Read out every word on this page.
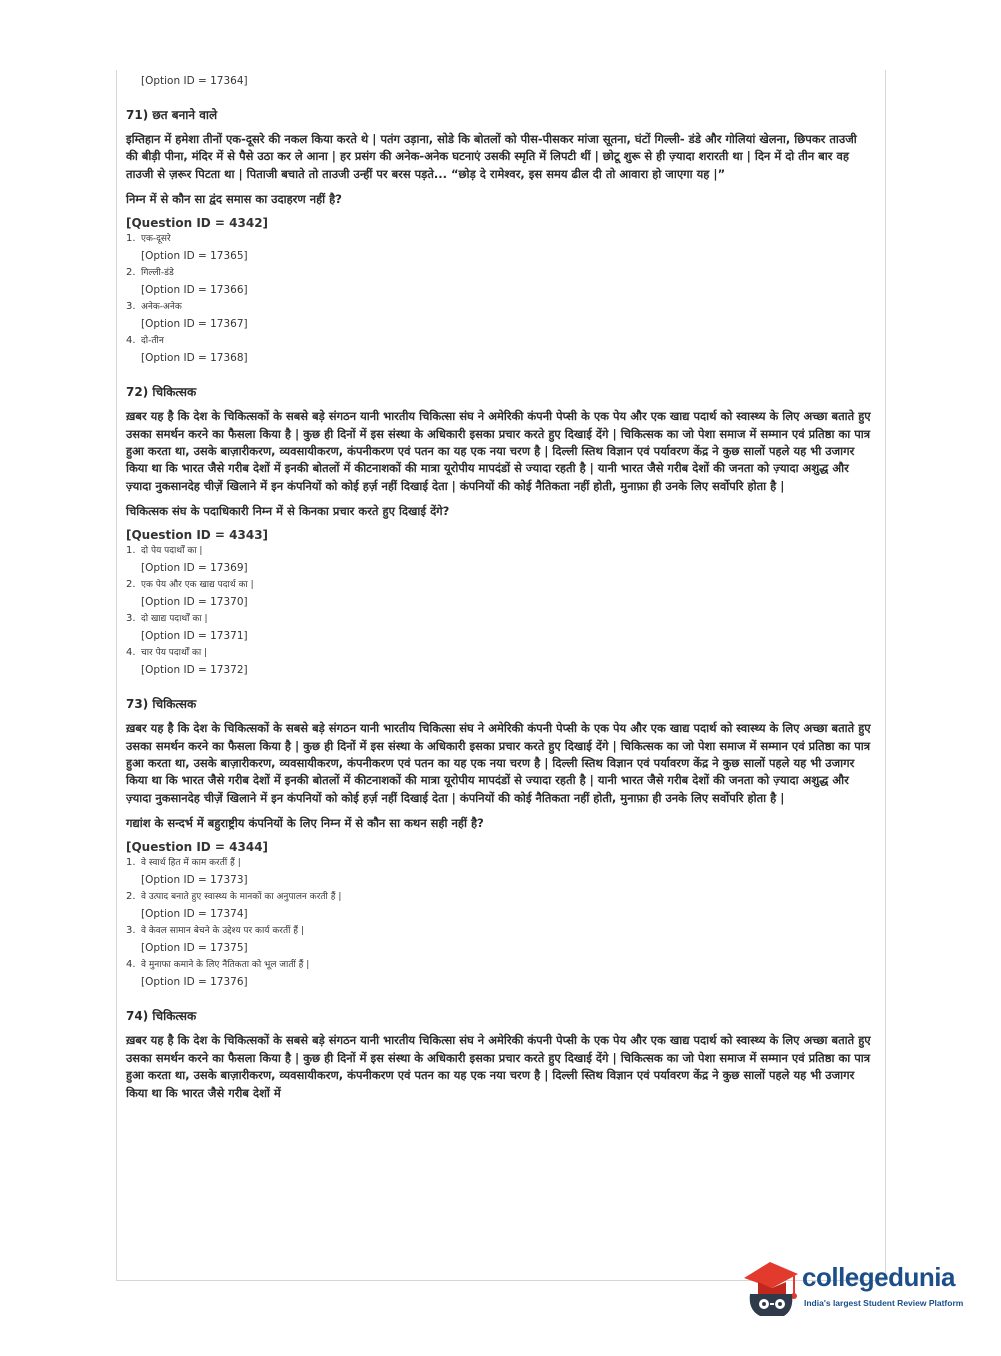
[Option ID = 17364]
71) छत बनाने वाले
इम्तिहान में हमेशा तीनों एक-दूसरे की नकल किया करते थे | पतंग उड़ाना, सोडे कि बोतलों को पीस-पीसकर मांजा सूतना, घंटों गिल्ली- डंडे और गोलियां खेलना, छिपकर ताउजी की बीड़ी पीना, मंदिर में से पैसे उठा कर ले आना | हर प्रसंग की अनेक-अनेक घटनाएं उसकी स्मृति में लिपटी थीं | छोटू शुरू से ही ज़्यादा शरारती था | दिन में दो तीन बार वह ताउजी से ज़रूर पिटता था | पिताजी बचाते तो ताउजी उन्हीं पर बरस पड़ते... “छोड़ दे रामेश्वर, इस समय ढील दी तो आवारा हो जाएगा यह |”
निम्न में से कौन सा द्वंद समास का उदाहरण नहीं है?
[Question ID = 4342]
1. एक-दूसरे
[Option ID = 17365]
2. गिल्ली-डंडे
[Option ID = 17366]
3. अनेक-अनेक
[Option ID = 17367]
4. दो-तीन
[Option ID = 17368]
72) चिकित्सक
ख़बर यह है कि देश के चिकित्सकों के सबसे बड़े संगठन यानी भारतीय चिकित्सा संघ ने अमेरिकी कंपनी पेप्सी के एक पेय और एक खाद्य पदार्थ को स्वास्थ्य के लिए अच्छा बताते हुए उसका समर्थन करने का फैसला किया है | कुछ ही दिनों में इस संस्था के अधिकारी इसका प्रचार करते हुए दिखाई देंगे | चिकित्सक का जो पेशा समाज में सम्मान एवं प्रतिष्ठा का पात्र हुआ करता था, उसके बाज़ारीकरण, व्यवसायीकरण, कंपनीकरण एवं पतन का यह एक नया चरण है | दिल्ली स्तिथ विज्ञान एवं पर्यावरण केंद्र ने कुछ सालों पहले यह भी उजागर किया था कि भारत जैसे गरीब देशों में इनकी बोतलों में कीटनाशकों की मात्रा यूरोपीय मापदंडों से ज्यादा रहती है | यानी भारत जैसे गरीब देशों की जनता को ज़्यादा अशुद्ध और ज़्यादा नुकसानदेह चीज़ें खिलाने में इन कंपनियों को कोई हर्ज़ नहीं दिखाई देता | कंपनियों की कोई नैतिकता नहीं होती, मुनाफ़ा ही उनके लिए सर्वोपरि होता है |
चिकित्सक संघ के पदाधिकारी निम्न में से किनका प्रचार करते हुए दिखाई देंगे?
[Question ID = 4343]
1. दो पेय पदार्थों का |
[Option ID = 17369]
2. एक पेय और एक खाद्य पदार्थ का |
[Option ID = 17370]
3. दो खाद्य पदार्थों का |
[Option ID = 17371]
4. चार पेय पदार्थों का |
[Option ID = 17372]
73) चिकित्सक
ख़बर यह है कि देश के चिकित्सकों के सबसे बड़े संगठन यानी भारतीय चिकित्सा संघ ने अमेरिकी कंपनी पेप्सी के एक पेय और एक खाद्य पदार्थ को स्वास्थ्य के लिए अच्छा बताते हुए उसका समर्थन करने का फैसला किया है | कुछ ही दिनों में इस संस्था के अधिकारी इसका प्रचार करते हुए दिखाई देंगे | चिकित्सक का जो पेशा समाज में सम्मान एवं प्रतिष्ठा का पात्र हुआ करता था, उसके बाज़ारीकरण, व्यवसायीकरण, कंपनीकरण एवं पतन का यह एक नया चरण है | दिल्ली स्तिथ विज्ञान एवं पर्यावरण केंद्र ने कुछ सालों पहले यह भी उजागर किया था कि भारत जैसे गरीब देशों में इनकी बोतलों में कीटनाशकों की मात्रा यूरोपीय मापदंडों से ज्यादा रहती है | यानी भारत जैसे गरीब देशों की जनता को ज़्यादा अशुद्ध और ज़्यादा नुकसानदेह चीज़ें खिलाने में इन कंपनियों को कोई हर्ज़ नहीं दिखाई देता | कंपनियों की कोई नैतिकता नहीं होती, मुनाफ़ा ही उनके लिए सर्वोपरि होता है |
गद्यांश के सन्दर्भ में बहुराष्ट्रीय कंपनियों के लिए निम्न में से कौन सा कथन सही नहीं है?
[Question ID = 4344]
1. वे स्वार्थ हित में काम करतीं हैं |
[Option ID = 17373]
2. वे उत्पाद बनाते हुए स्वास्थ्य के मानकों का अनुपालन करती हैं |
[Option ID = 17374]
3. वे केवल सामान बेचने के उद्देश्य पर कार्य करतीं हैं |
[Option ID = 17375]
4. वे मुनाफा कमाने के लिए नैतिकता को भूल जातीं हैं |
[Option ID = 17376]
74) चिकित्सक
ख़बर यह है कि देश के चिकित्सकों के सबसे बड़े संगठन यानी भारतीय चिकित्सा संघ ने अमेरिकी कंपनी पेप्सी के एक पेय और एक खाद्य पदार्थ को स्वास्थ्य के लिए अच्छा बताते हुए उसका समर्थन करने का फैसला किया है | कुछ ही दिनों में इस संस्था के अधिकारी इसका प्रचार करते हुए दिखाई देंगे | चिकित्सक का जो पेशा समाज में सम्मान एवं प्रतिष्ठा का पात्र हुआ करता था, उसके बाज़ारीकरण, व्यवसायीकरण, कंपनीकरण एवं पतन का यह एक नया चरण है | दिल्ली स्तिथ विज्ञान एवं पर्यावरण केंद्र ने कुछ सालों पहले यह भी उजागर किया था कि भारत जैसे गरीब देशों में
collegedunia
India's largest Student Review Platform
